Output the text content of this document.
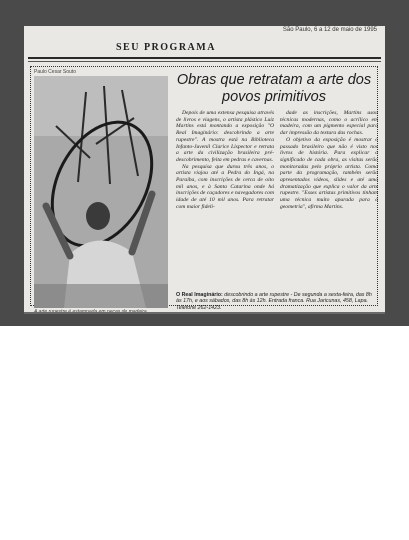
São Paulo, 6 a 12 de maio de 1995
SEU PROGRAMA
Paulo Cesar Souto	Obras que retratam a arte dos povos primitivos

Depois de uma extensa pesquisa através de livros e viagens, o artista plástico Luiz Martins está montando a exposição "O Real Imaginário: descobrindo a arte rupestre". A mostra está na Biblioteca Infanto-Juvenil Clarice Lispector e retrata a arte da civilização brasileira pré-descobrimento, feita em pedras e cavernas.

Na pesquisa que durou três anos, o artista viajou até a Pedra do Ingá, na Paraíba, com inscrições de cerca de oito mil anos, e à Santa Catarina onde há inscrições de caçadores e navegadores com idade de até 10 mil anos. Para retratar com maior fideli-

dade as inscrições, Martins usou técnicas modernas, como o acrílico em madeira, com um pigmento especial para dar impressão da textura das rochas.

O objetivo da exposição é mostrar o passado brasileiro que não é visto nos livros de história. Para explicar o significado de cada obra, as visitas serão monitoradas pelo próprio artista. Como parte da programação, também serão apresentados vídeos, slides e até uma dramatização que explica o valor da arte rupestre. "Esses artistas primitivos tinham uma técnica muito apurada para a geometria", afirma Martins.

O Real Imaginário: descobrindo a arte rupestre - De segunda a sexta-feira, das 8h às 17h, e aos sábados, das 8h às 12h. Entrada franca. Rua Jaricunas, 458, Lapa. Telefone 262-1423.
